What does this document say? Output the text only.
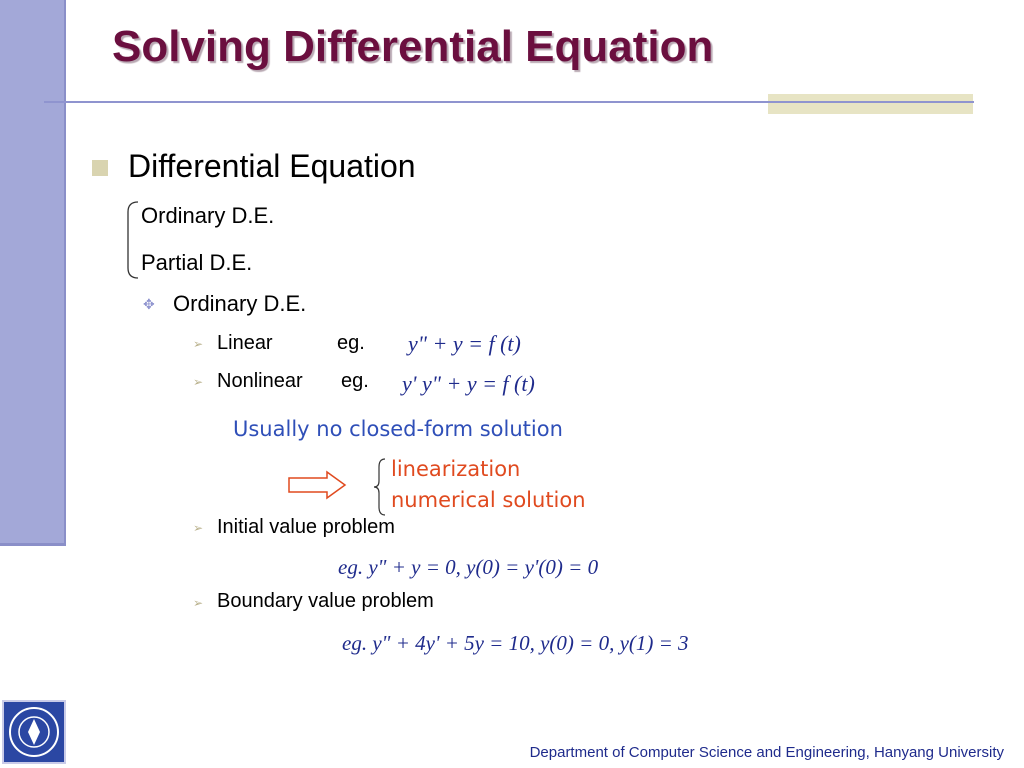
Solving Differential Equation
Differential Equation
Ordinary D.E.
Partial D.E.
✥ Ordinary D.E.
➢ Linear	eg. y" + y = f (t)
➢ Nonlinear eg. y' y" + y = f (t)
Usually no closed-form solution
linearization
numerical solution
➢ Initial value problem
eg. y" + y = 0, y(0) = y'(0) = 0
➢ Boundary value problem
eg. y" + 4y' + 5y = 10, y(0) = 0, y(1) = 3
Department of Computer Science and Engineering, Hanyang University
